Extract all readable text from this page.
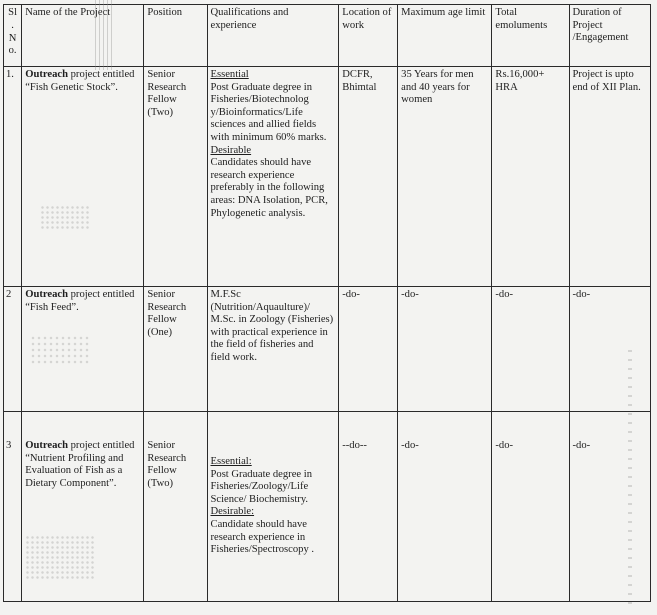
Sl
.
N
o.	Name of the Project	Position	Qualifications and experience	Location of work	Maximum age limit	Total emoluments	Duration of Project /Engagement
1.	Outreach project entitled “Fish Genetic Stock”.	Senior Research Fellow (Two)	Essential
Post Graduate degree in Fisheries/Biotechnolog y/Bioinformatics/Life sciences and allied fields with minimum 60% marks.
Desirable
Candidates should have research experience preferably in the following areas: DNA Isolation, PCR, Phylogenetic analysis.	DCFR, Bhimtal	35 Years for men and 40 years for women	Rs.16,000+ HRA	Project is upto end of XII Plan.
2	Outreach project entitled “Fish Feed”.	Senior Research Fellow (One)	M.F.Sc (Nutrition/Aquaulture)/ M.Sc. in Zoology (Fisheries) with practical experience in the field of fisheries and field work.	-do-	-do-	-do-	-do-
3	Outreach project entitled “Nutrient Profiling and Evaluation of Fish as a Dietary Component”.	Senior Research Fellow (Two)	Essential:
Post Graduate degree in Fisheries/Zoology/Life Science/ Biochemistry.
Desirable:
Candidate should have research experience in Fisheries/Spectroscopy .	--do--	-do-	-do-	-do-
